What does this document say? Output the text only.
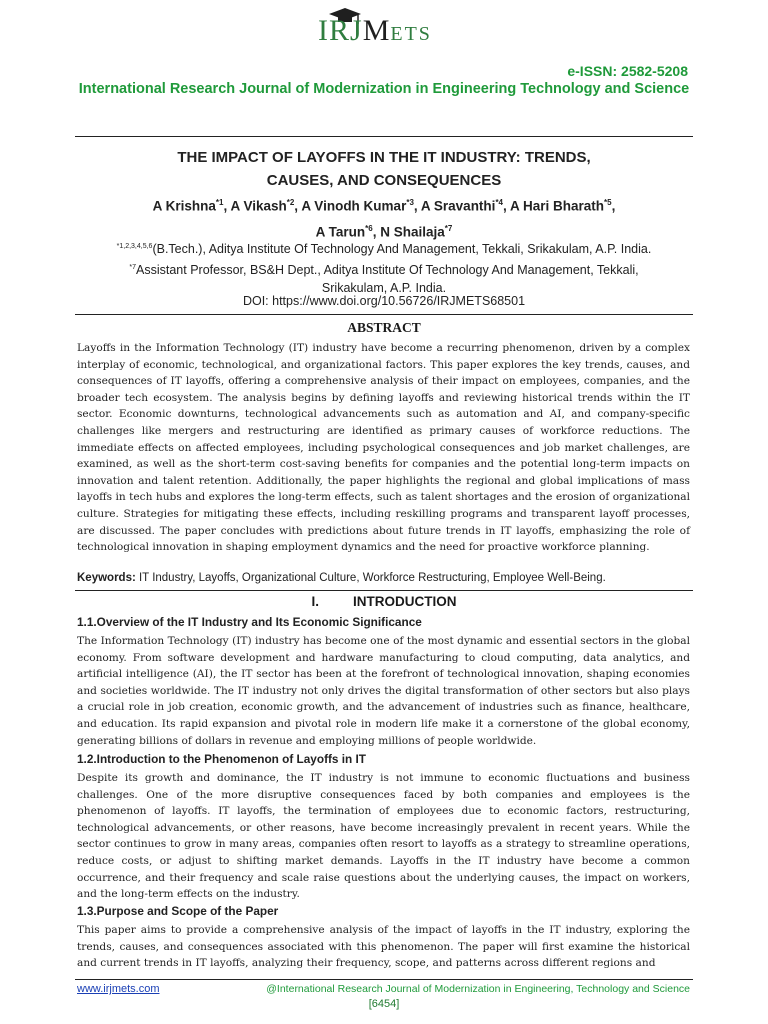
IRJMETS
e-ISSN: 2582-5208
International Research Journal of Modernization in Engineering Technology and Science
THE IMPACT OF LAYOFFS IN THE IT INDUSTRY: TRENDS,
CAUSES, AND CONSEQUENCES
A Krishna$^{*1}$, A Vikash$^{*2}$, A Vinodh Kumar$^{*3}$, A Sravanthi$^{*4}$, A Hari Bharath$^{*5}$,
A Tarun$^{*6}$, N Shailaja$^{*7}$
$^{*1,2,3,4,5,6}$(B.Tech.), Aditya Institute Of Technology And Management, Tekkali, Srikakulam, A.P. India.
$^{*7}$Assistant Professor, BS&H Dept., Aditya Institute Of Technology And Management, Tekkali,
Srikakulam, A.P. India.
DOI: https://www.doi.org/10.56726/IRJMETS68501
ABSTRACT

Layoffs in the Information Technology (IT) industry have become a recurring phenomenon, driven by a complex interplay of economic, technological, and organizational factors. This paper explores the key trends, causes, and consequences of IT layoffs, offering a comprehensive analysis of their impact on employees, companies, and the broader tech ecosystem. The analysis begins by defining layoffs and reviewing historical trends within the IT sector. Economic downturns, technological advancements such as automation and AI, and company-specific challenges like mergers and restructuring are identified as primary causes of workforce reductions. The immediate effects on affected employees, including psychological consequences and job market challenges, are examined, as well as the short-term cost-saving benefits for companies and the potential long-term impacts on innovation and talent retention. Additionally, the paper highlights the regional and global implications of mass layoffs in tech hubs and explores the long-term effects, such as talent shortages and the erosion of organizational culture. Strategies for mitigating these effects, including reskilling programs and transparent layoff processes, are discussed. The paper concludes with predictions about future trends in IT layoffs, emphasizing the role of technological innovation in shaping employment dynamics and the need for proactive workforce planning.

Keywords: IT Industry, Layoffs, Organizational Culture, Workforce Restructuring, Employee Well-Being.
I.	INTRODUCTION
1.1.Overview of the IT Industry and Its Economic Significance

The Information Technology (IT) industry has become one of the most dynamic and essential sectors in the global economy. From software development and hardware manufacturing to cloud computing, data analytics, and artificial intelligence (AI), the IT sector has been at the forefront of technological innovation, shaping economies and societies worldwide. The IT industry not only drives the digital transformation of other sectors but also plays a crucial role in job creation, economic growth, and the advancement of industries such as finance, healthcare, and education. Its rapid expansion and pivotal role in modern life make it a cornerstone of the global economy, generating billions of dollars in revenue and employing millions of people worldwide.

1.2.Introduction to the Phenomenon of Layoffs in IT

Despite its growth and dominance, the IT industry is not immune to economic fluctuations and business challenges. One of the more disruptive consequences faced by both companies and employees is the phenomenon of layoffs. IT layoffs, the termination of employees due to economic factors, restructuring, technological advancements, or other reasons, have become increasingly prevalent in recent years. While the sector continues to grow in many areas, companies often resort to layoffs as a strategy to streamline operations, reduce costs, or adjust to shifting market demands. Layoffs in the IT industry have become a common occurrence, and their frequency and scale raise questions about the underlying causes, the impact on workers, and the long-term effects on the industry.

1.3.Purpose and Scope of the Paper

This paper aims to provide a comprehensive analysis of the impact of layoffs in the IT industry, exploring the trends, causes, and consequences associated with this phenomenon. The paper will first examine the historical and current trends in IT layoffs, analyzing their frequency, scope, and patterns across different regions and

www.irjmets.com	@International Research Journal of Modernization in Engineering, Technology and Science
[6454]
